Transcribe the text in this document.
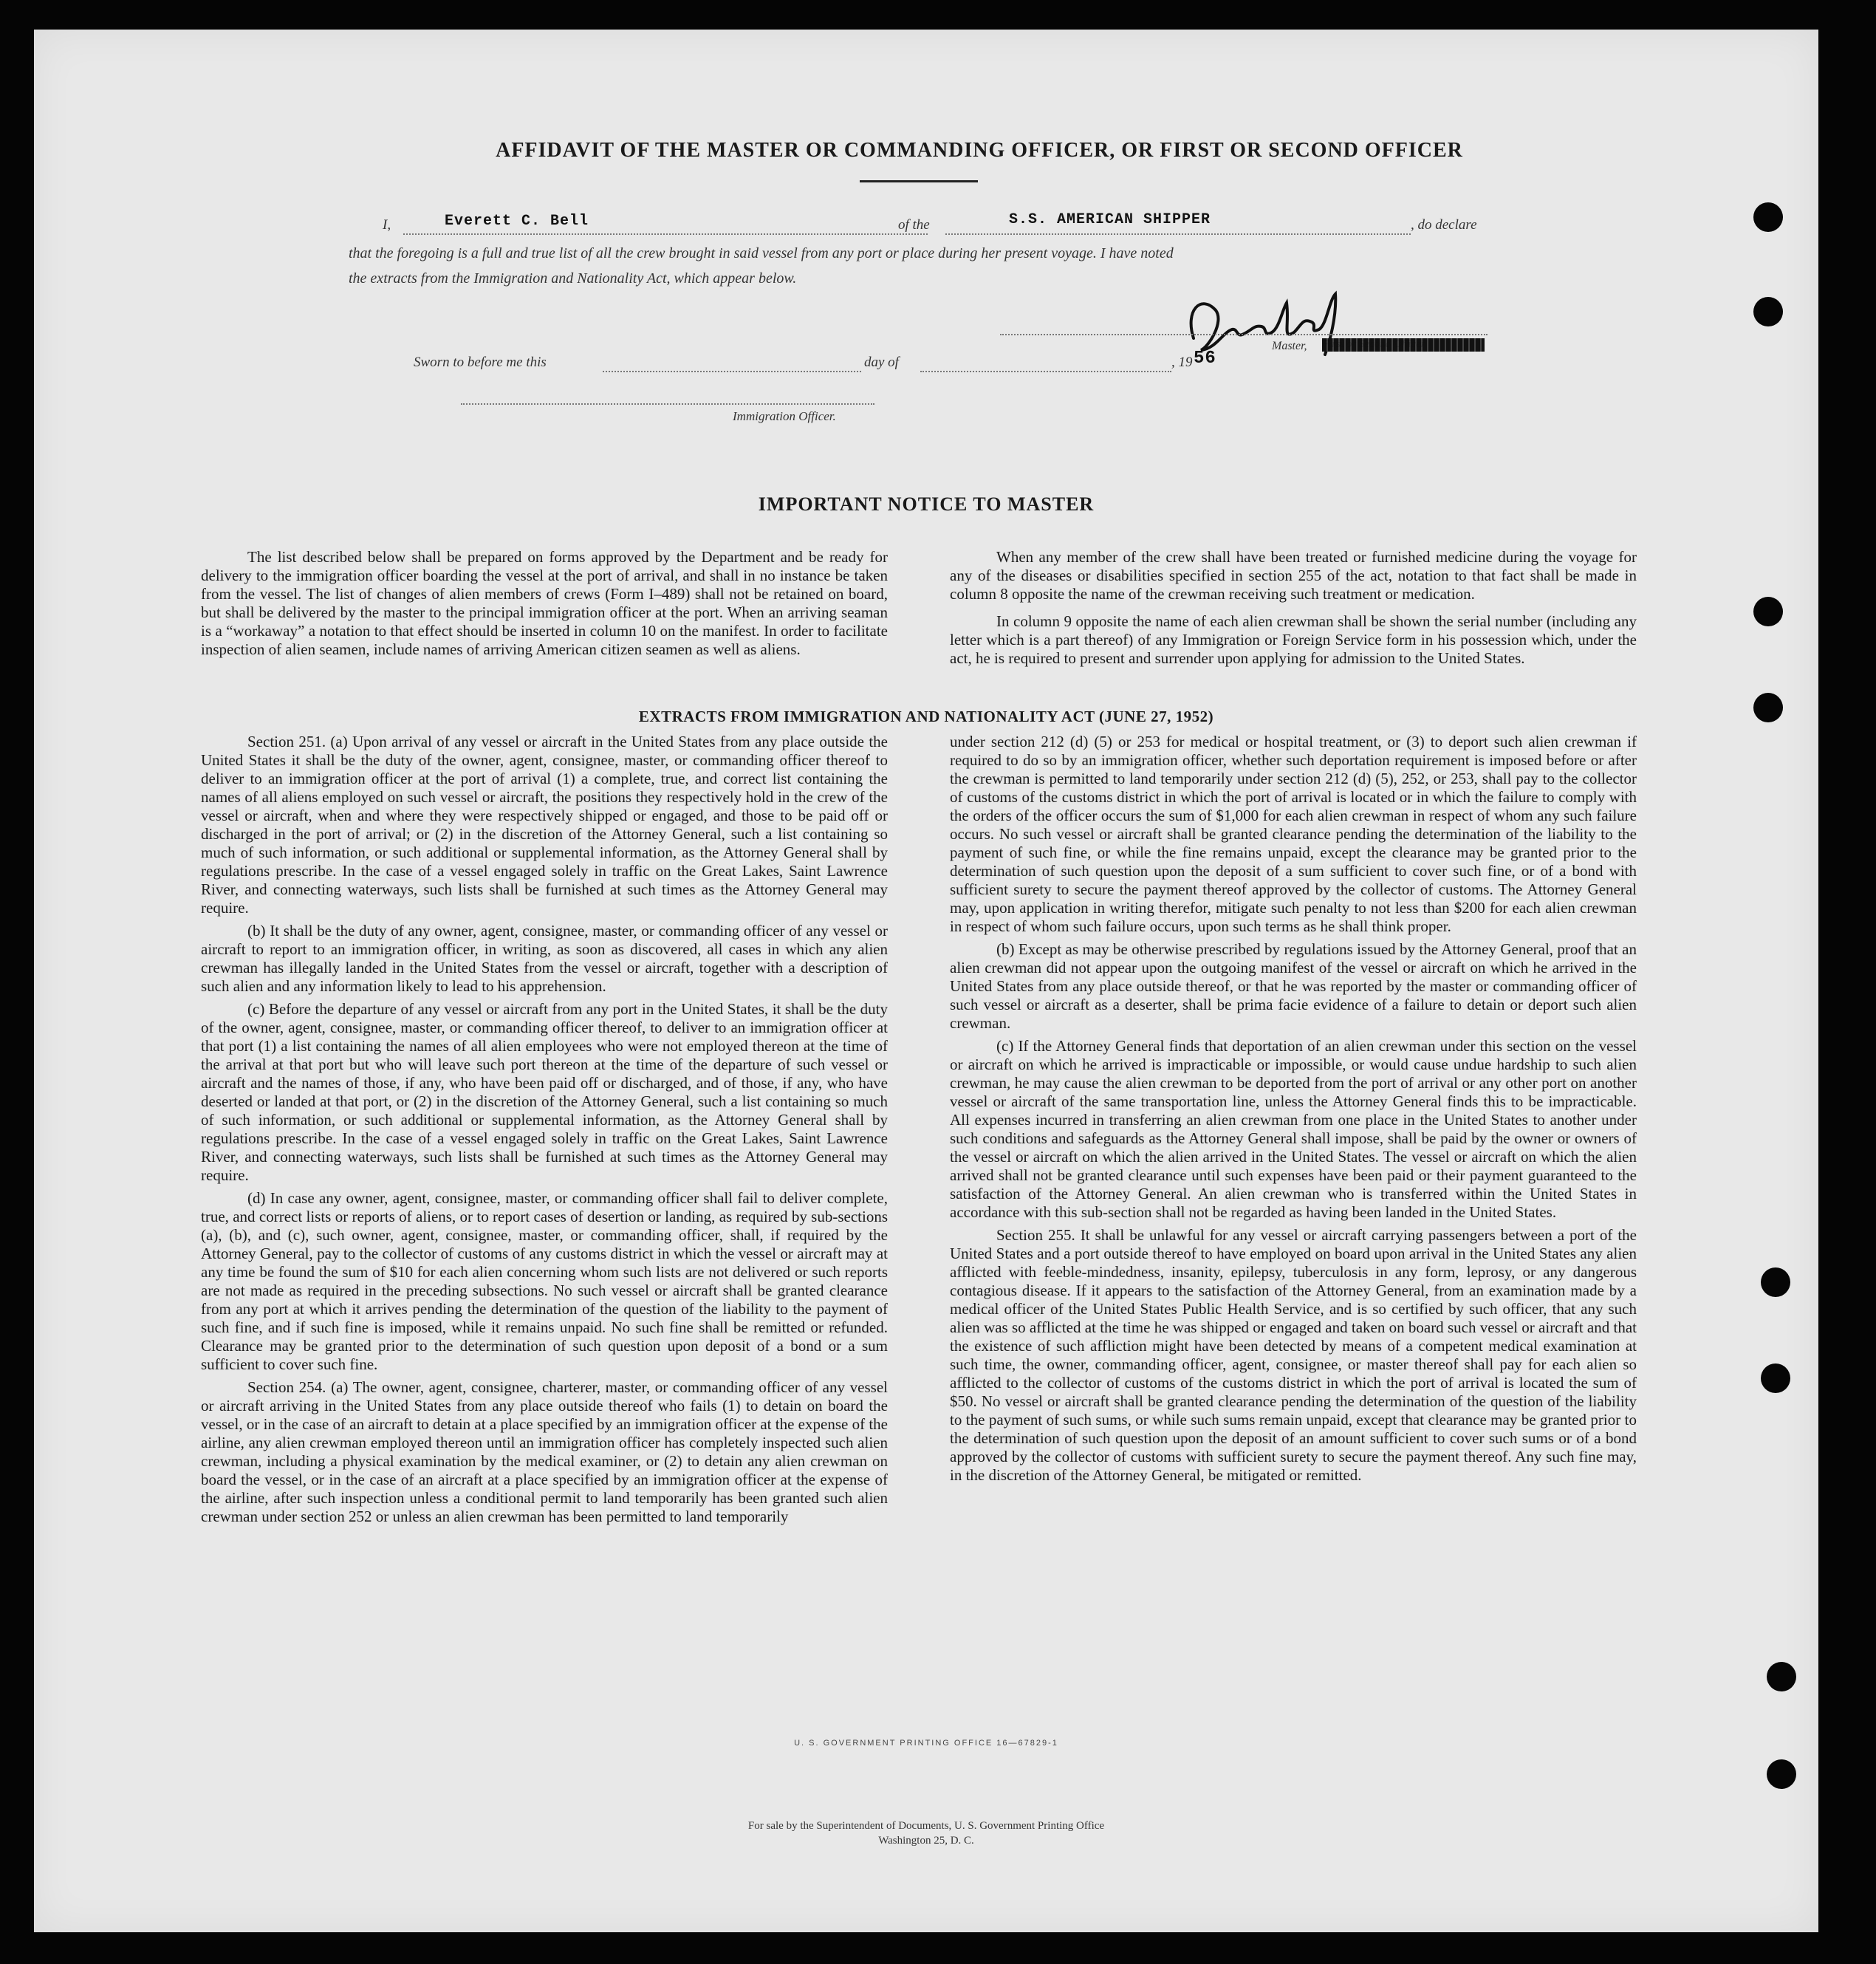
AFFIDAVIT OF THE MASTER OR COMMANDING OFFICER, OR FIRST OR SECOND OFFICER
I,	Everett C. Bell	of the	S.S. AMERICAN SHIPPER	, do declare
that the foregoing is a full and true list of all the crew brought in said vessel from any port or place during her present voyage. I have noted
the extracts from the Immigration and Nationality Act, which appear below.
Master, First or Second Officer
Sworn to before me this	day of	, 19 56
Immigration Officer.
IMPORTANT NOTICE TO MASTER

The list described below shall be prepared on forms approved by the Department and be ready for delivery to the immigration officer boarding the vessel at the port of arrival, and shall in no instance be taken from the vessel. The list of changes of alien members of crews (Form I–489) shall not be retained on board, but shall be delivered by the master to the principal immigration officer at the port. When an arriving seaman is a “workaway” a notation to that effect should be inserted in column 10 on the manifest. In order to facilitate inspection of alien seamen, include names of arriving American citizen seamen as well as aliens.

When any member of the crew shall have been treated or furnished medicine during the voyage for any of the diseases or disabilities specified in section 255 of the act, notation to that fact shall be made in column 8 opposite the name of the crewman receiving such treatment or medication.

In column 9 opposite the name of each alien crewman shall be shown the serial number (including any letter which is a part thereof) of any Immigration or Foreign Service form in his possession which, under the act, he is required to present and surrender upon applying for admission to the United States.

EXTRACTS FROM IMMIGRATION AND NATIONALITY ACT (JUNE 27, 1952)

Section 251. (a) Upon arrival of any vessel or aircraft in the United States from any place outside the United States it shall be the duty of the owner, agent, consignee, master, or commanding officer thereof to deliver to an immigration officer at the port of arrival (1) a complete, true, and correct list containing the names of all aliens employed on such vessel or aircraft, the positions they respectively hold in the crew of the vessel or aircraft, when and where they were respectively shipped or engaged, and those to be paid off or discharged in the port of arrival; or (2) in the discretion of the Attorney General, such a list containing so much of such information, or such additional or supplemental information, as the Attorney General shall by regulations prescribe. In the case of a vessel engaged solely in traffic on the Great Lakes, Saint Lawrence River, and connecting waterways, such lists shall be furnished at such times as the Attorney General may require.

(b) It shall be the duty of any owner, agent, consignee, master, or commanding officer of any vessel or aircraft to report to an immigration officer, in writing, as soon as discovered, all cases in which any alien crewman has illegally landed in the United States from the vessel or aircraft, together with a description of such alien and any information likely to lead to his apprehension.

(c) Before the departure of any vessel or aircraft from any port in the United States, it shall be the duty of the owner, agent, consignee, master, or commanding officer thereof, to deliver to an immigration officer at that port (1) a list containing the names of all alien employees who were not employed thereon at the time of the arrival at that port but who will leave such port thereon at the time of the departure of such vessel or aircraft and the names of those, if any, who have been paid off or discharged, and of those, if any, who have deserted or landed at that port, or (2) in the discretion of the Attorney General, such a list containing so much of such information, or such additional or supplemental information, as the Attorney General shall by regulations prescribe. In the case of a vessel engaged solely in traffic on the Great Lakes, Saint Lawrence River, and connecting waterways, such lists shall be furnished at such times as the Attorney General may require.

(d) In case any owner, agent, consignee, master, or commanding officer shall fail to deliver complete, true, and correct lists or reports of aliens, or to report cases of desertion or landing, as required by sub-sections (a), (b), and (c), such owner, agent, consignee, master, or commanding officer, shall, if required by the Attorney General, pay to the collector of customs of any customs district in which the vessel or aircraft may at any time be found the sum of $10 for each alien concerning whom such lists are not delivered or such reports are not made as required in the preceding subsections. No such vessel or aircraft shall be granted clearance from any port at which it arrives pending the determination of the question of the liability to the payment of such fine, and if such fine is imposed, while it remains unpaid. No such fine shall be remitted or refunded. Clearance may be granted prior to the determination of such question upon deposit of a bond or a sum sufficient to cover such fine.

Section 254. (a) The owner, agent, consignee, charterer, master, or commanding officer of any vessel or aircraft arriving in the United States from any place outside thereof who fails (1) to detain on board the vessel, or in the case of an aircraft to detain at a place specified by an immigration officer at the expense of the airline, any alien crewman employed thereon until an immigration officer has completely inspected such alien crewman, including a physical examination by the medical examiner, or (2) to detain any alien crewman on board the vessel, or in the case of an aircraft at a place specified by an immigration officer at the expense of the airline, after such inspection unless a conditional permit to land temporarily has been granted such alien crewman under section 252 or unless an alien crewman has been permitted to land temporarily

under section 212 (d) (5) or 253 for medical or hospital treatment, or (3) to deport such alien crewman if required to do so by an immigration officer, whether such deportation requirement is imposed before or after the crewman is permitted to land temporarily under section 212 (d) (5), 252, or 253, shall pay to the collector of customs of the customs district in which the port of arrival is located or in which the failure to comply with the orders of the officer occurs the sum of $1,000 for each alien crewman in respect of whom any such failure occurs. No such vessel or aircraft shall be granted clearance pending the determination of the liability to the payment of such fine, or while the fine remains unpaid, except the clearance may be granted prior to the determination of such question upon the deposit of a sum sufficient to cover such fine, or of a bond with sufficient surety to secure the payment thereof approved by the collector of customs. The Attorney General may, upon application in writing therefor, mitigate such penalty to not less than $200 for each alien crewman in respect of whom such failure occurs, upon such terms as he shall think proper.

(b) Except as may be otherwise prescribed by regulations issued by the Attorney General, proof that an alien crewman did not appear upon the outgoing manifest of the vessel or aircraft on which he arrived in the United States from any place outside thereof, or that he was reported by the master or commanding officer of such vessel or aircraft as a deserter, shall be prima facie evidence of a failure to detain or deport such alien crewman.

(c) If the Attorney General finds that deportation of an alien crewman under this section on the vessel or aircraft on which he arrived is impracticable or impossible, or would cause undue hardship to such alien crewman, he may cause the alien crewman to be deported from the port of arrival or any other port on another vessel or aircraft of the same transportation line, unless the Attorney General finds this to be impracticable. All expenses incurred in transferring an alien crewman from one place in the United States to another under such conditions and safeguards as the Attorney General shall impose, shall be paid by the owner or owners of the vessel or aircraft on which the alien arrived in the United States. The vessel or aircraft on which the alien arrived shall not be granted clearance until such expenses have been paid or their payment guaranteed to the satisfaction of the Attorney General. An alien crewman who is transferred within the United States in accordance with this sub-section shall not be regarded as having been landed in the United States.

Section 255. It shall be unlawful for any vessel or aircraft carrying passengers between a port of the United States and a port outside thereof to have employed on board upon arrival in the United States any alien afflicted with feeble-mindedness, insanity, epilepsy, tuberculosis in any form, leprosy, or any dangerous contagious disease. If it appears to the satisfaction of the Attorney General, from an examination made by a medical officer of the United States Public Health Service, and is so certified by such officer, that any such alien was so afflicted at the time he was shipped or engaged and taken on board such vessel or aircraft and that the existence of such affliction might have been detected by means of a competent medical examination at such time, the owner, commanding officer, agent, consignee, or master thereof shall pay for each alien so afflicted to the collector of customs of the customs district in which the port of arrival is located the sum of $50. No vessel or aircraft shall be granted clearance pending the determination of the question of the liability to the payment of such sums, or while such sums remain unpaid, except that clearance may be granted prior to the determination of such question upon the deposit of an amount sufficient to cover such sums or of a bond approved by the collector of customs with sufficient surety to secure the payment thereof. Any such fine may, in the discretion of the Attorney General, be mitigated or remitted.

U. S. GOVERNMENT PRINTING OFFICE 16—67829-1
For sale by the Superintendent of Documents, U. S. Government Printing Office
Washington 25, D. C.
